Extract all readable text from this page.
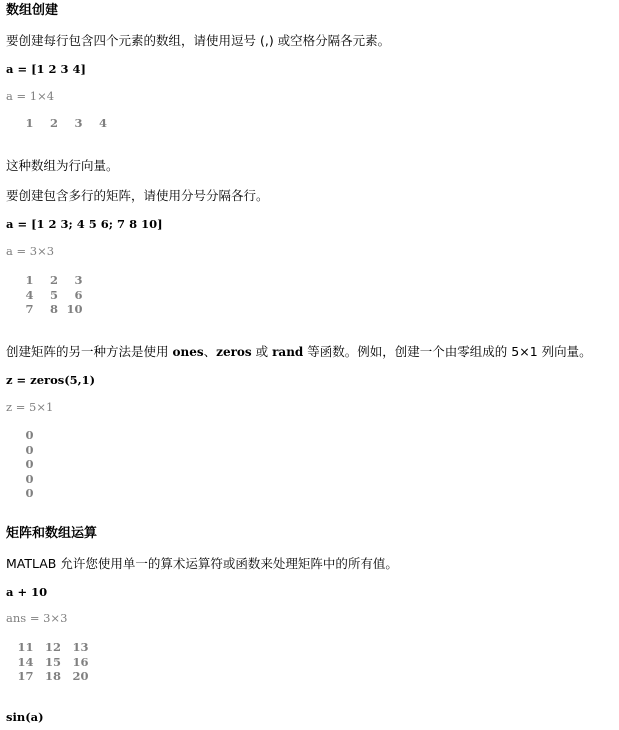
数组创建
要创建每行包含四个元素的数组，请使用逗号 (,) 或空格分隔各元素。
a = [1 2 3 4]
a = 1×4
1	2	3	4
这种数组为行向量。
要创建包含多行的矩阵，请使用分号分隔各行。
a = [1 2 3; 4 5 6; 7 8 10]
a = 3×3
1	2	3
4	5	6
7	8 10
创建矩阵的另一种方法是使用 ones、zeros 或 rand 等函数。例如，创建一个由零组成的 5×1 列向量。
z = zeros(5,1)
z = 5×1
0
0
0
0
0
矩阵和数组运算
MATLAB 允许您使用单一的算术运算符或函数来处理矩阵中的所有值。
a + 10
ans = 3×3
11 12 13
14 15 16
17 18 20
sin(a)
